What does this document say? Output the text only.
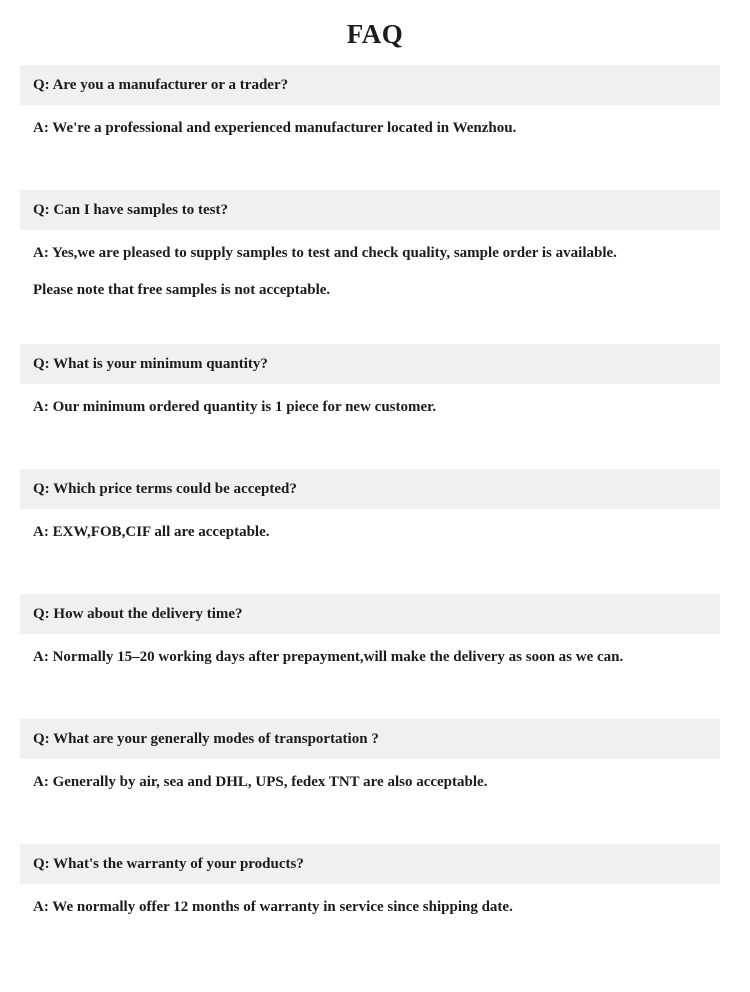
FAQ
Q: Are you a manufacturer or a trader?
A: We're a professional and experienced manufacturer located in Wenzhou.
Q: Can I have samples to test?
A: Yes,we are pleased to supply samples to test and check quality, sample order is available.
Please note that free samples is not acceptable.
Q: What is your minimum quantity?
A: Our minimum ordered quantity is 1 piece for new customer.
Q: Which price terms could be accepted?
A: EXW,FOB,CIF all are acceptable.
Q: How about the delivery time?
A: Normally 15–20 working days after prepayment,will make the delivery as soon as we can.
Q: What are your generally modes of transportation ?
A: Generally by air, sea and DHL, UPS, fedex TNT are also acceptable.
Q: What's the warranty of your products?
A: We normally offer 12 months of warranty in service since shipping date.
